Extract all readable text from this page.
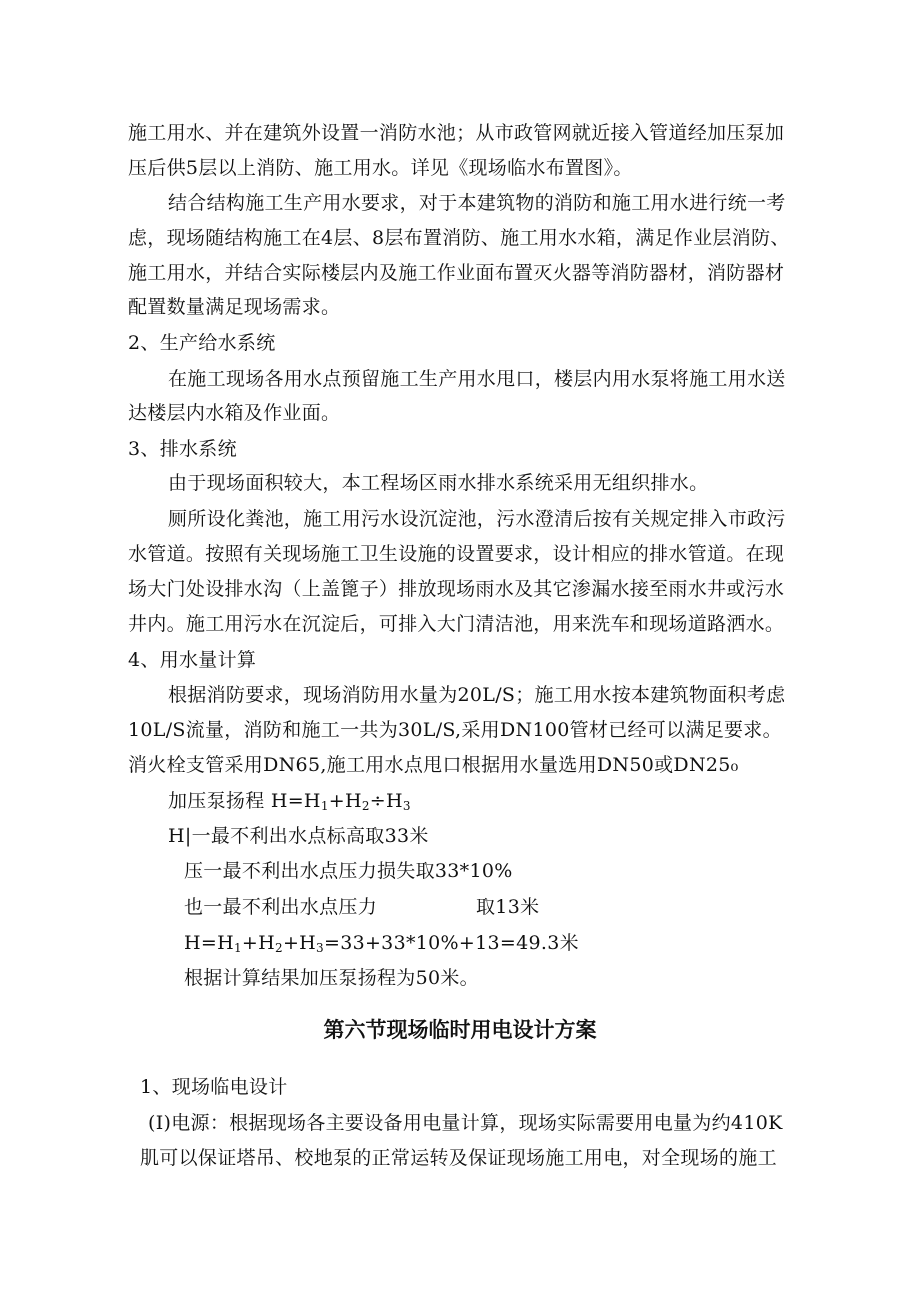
施工用水、并在建筑外设置一消防水池；从市政管网就近接入管道经加压泵加
压后供5层以上消防、施工用水。详见《现场临水布置图》。
结合结构施工生产用水要求，对于本建筑物的消防和施工用水进行统一考
虑，现场随结构施工在4层、8层布置消防、施工用水水箱，满足作业层消防、
施工用水，并结合实际楼层内及施工作业面布置灭火器等消防器材，消防器材
配置数量满足现场需求。
2、生产给水系统
在施工现场各用水点预留施工生产用水甩口，楼层内用水泵将施工用水送
达楼层内水箱及作业面。
3、排水系统
由于现场面积较大，本工程场区雨水排水系统采用无组织排水。
厕所设化粪池，施工用污水设沉淀池，污水澄清后按有关规定排入市政污
水管道。按照有关现场施工卫生设施的设置要求，设计相应的排水管道。在现
场大门处设排水沟（上盖篦子）排放现场雨水及其它渗漏水接至雨水井或污水
井内。施工用污水在沉淀后，可排入大门清洁池，用来洗车和现场道路洒水。
4、用水量计算
根据消防要求，现场消防用水量为20L/S；施工用水按本建筑物面积考虑
10L/S流量，消防和施工一共为30L/S,采用DN100管材已经可以满足要求。
消火栓支管采用DN65,施工用水点甩口根据用水量选用DN50或DN25₀
加压泵扬程 $H=H_1+H_2\div H_3$
H|一最不利出水点标高取33米
压一最不利出水点压力损失取33*10%
也一最不利出水点压力	取13米
$H=H_1+H_2+H_3=33+33*10\%+13=49.3$米
根据计算结果加压泵扬程为50米。
第六节现场临时用电设计方案
1、现场临电设计
(I)电源：根据现场各主要设备用电量计算，现场实际需要用电量为约410K
肌可以保证塔吊、校地泵的正常运转及保证现场施工用电，对全现场的施工
